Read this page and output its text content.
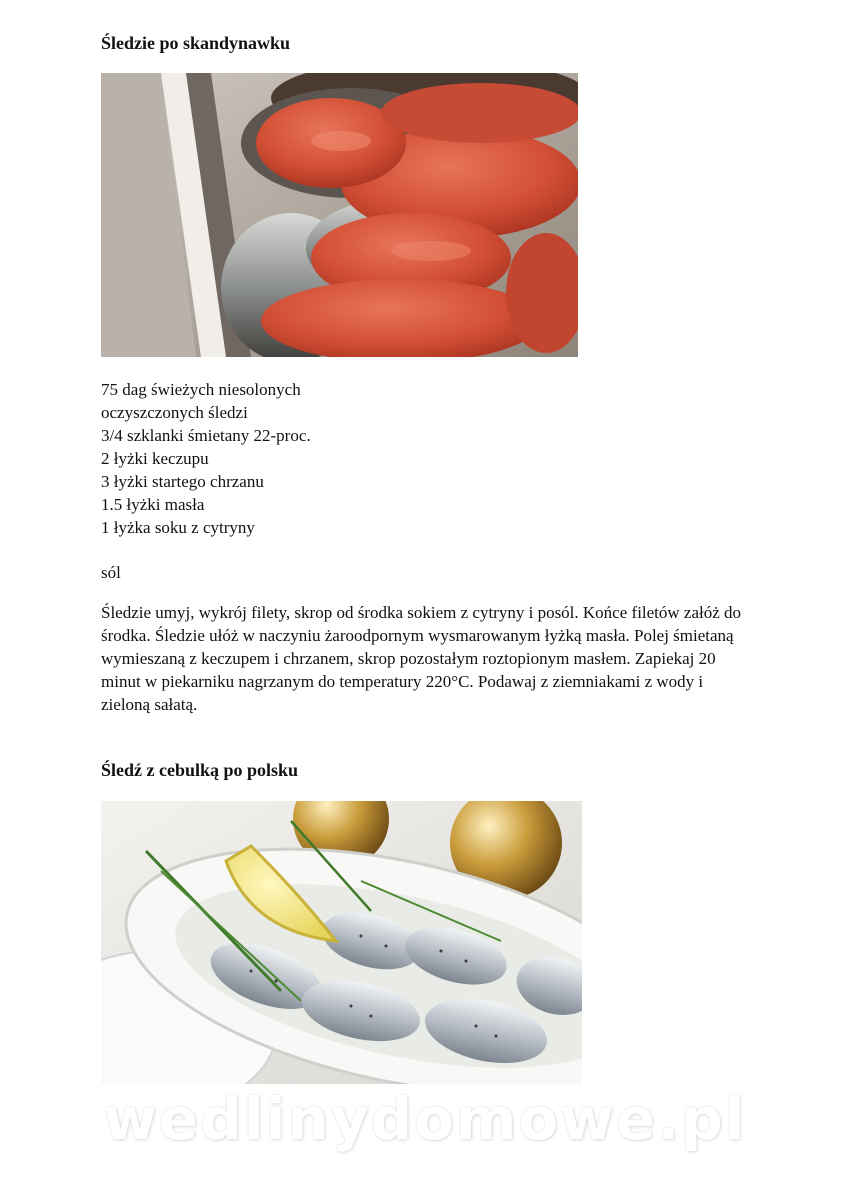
Śledzie po skandynawku
75 dag świeżych niesolonych
oczyszczonych śledzi
3/4 szklanki śmietany 22-proc.
2 łyżki keczupu
3 łyżki startego chrzanu
1.5 łyżki masła
1 łyżka soku z cytryny

sól

Śledzie umyj, wykrój filety, skrop od środka sokiem z cytryny i posól. Końce filetów załóż do środka. Śledzie ułóż w naczyniu żaroodpornym wysmarowanym łyżką masła. Polej śmietaną wymieszaną z keczupem i chrzanem, skrop pozostałym roztopionym masłem. Zapiekaj 20 minut w piekarniku nagrzanym do temperatury 220°C. Podawaj z ziemniakami z wody i zieloną sałatą.

Śledź z cebulką po polsku
wedlinydomowe.pl
